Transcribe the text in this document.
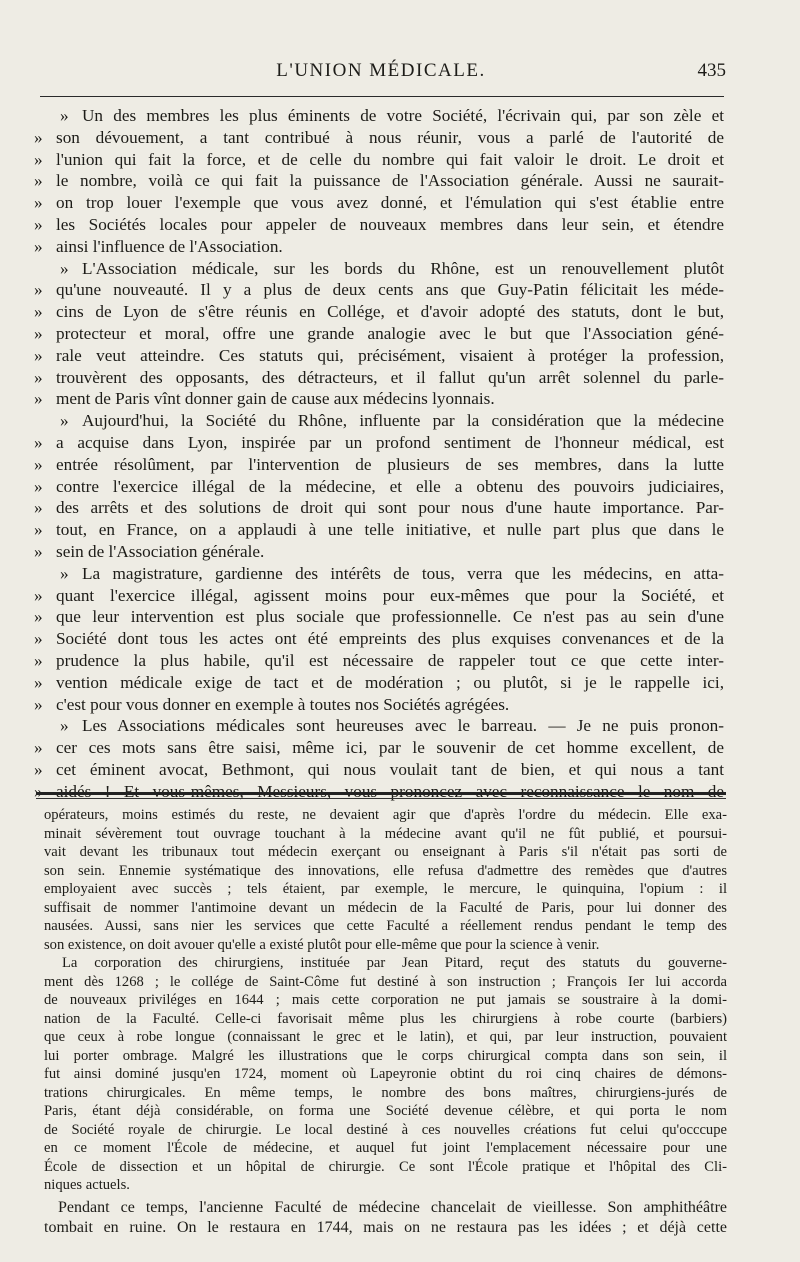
L'UNION MÉDICALE.	435
» Un des membres les plus éminents de votre Société, l'écrivain qui, par son zèle et
» son dévouement, a tant contribué à nous réunir, vous a parlé de l'autorité de
» l'union qui fait la force, et de celle du nombre qui fait valoir le droit. Le droit et
» le nombre, voilà ce qui fait la puissance de l'Association générale. Aussi ne saurait-
» on trop louer l'exemple que vous avez donné, et l'émulation qui s'est établie entre
» les Sociétés locales pour appeler de nouveaux membres dans leur sein, et étendre
» ainsi l'influence de l'Association.
» L'Association médicale, sur les bords du Rhône, est un renouvellement plutôt
» qu'une nouveauté. Il y a plus de deux cents ans que Guy-Patin félicitait les méde-
» cins de Lyon de s'être réunis en Collége, et d'avoir adopté des statuts, dont le but,
» protecteur et moral, offre une grande analogie avec le but que l'Association géné-
» rale veut atteindre. Ces statuts qui, précisément, visaient à protéger la profession,
» trouvèrent des opposants, des détracteurs, et il fallut qu'un arrêt solennel du parle-
» ment de Paris vînt donner gain de cause aux médecins lyonnais.
» Aujourd'hui, la Société du Rhône, influente par la considération que la médecine
» a acquise dans Lyon, inspirée par un profond sentiment de l'honneur médical, est
» entrée résolûment, par l'intervention de plusieurs de ses membres, dans la lutte
» contre l'exercice illégal de la médecine, et elle a obtenu des pouvoirs judiciaires,
» des arrêts et des solutions de droit qui sont pour nous d'une haute importance. Par-
» tout, en France, on a applaudi à une telle initiative, et nulle part plus que dans le
» sein de l'Association générale.
» La magistrature, gardienne des intérêts de tous, verra que les médecins, en atta-
» quant l'exercice illégal, agissent moins pour eux-mêmes que pour la Société, et
» que leur intervention est plus sociale que professionnelle. Ce n'est pas au sein d'une
» Société dont tous les actes ont été empreints des plus exquises convenances et de la
» prudence la plus habile, qu'il est nécessaire de rappeler tout ce que cette inter-
» vention médicale exige de tact et de modération ; ou plutôt, si je le rappelle ici,
» c'est pour vous donner en exemple à toutes nos Sociétés agrégées.
» Les Associations médicales sont heureuses avec le barreau. — Je ne puis pronon-
» cer ces mots sans être saisi, même ici, par le souvenir de cet homme excellent, de
» cet éminent avocat, Bethmont, qui nous voulait tant de bien, et qui nous a tant
» aidés ! Et vous-mêmes, Messieurs, vous prononcez avec reconnaissance le nom de
opérateurs, moins estimés du reste, ne devaient agir que d'après l'ordre du médecin. Elle exa-
minait sévèrement tout ouvrage touchant à la médecine avant qu'il ne fût publié, et poursui-
vait devant les tribunaux tout médecin exerçant ou enseignant à Paris s'il n'était pas sorti de
son sein. Ennemie systématique des innovations, elle refusa d'admettre des remèdes que d'autres
employaient avec succès ; tels étaient, par exemple, le mercure, le quinquina, l'opium : il
suffisait de nommer l'antimoine devant un médecin de la Faculté de Paris, pour lui donner des
nausées. Aussi, sans nier les services que cette Faculté a réellement rendus pendant le temp des
son existence, on doit avouer qu'elle a existé plutôt pour elle-même que pour la science à venir.
La corporation des chirurgiens, instituée par Jean Pitard, reçut des statuts du gouverne-
ment dès 1268 ; le collége de Saint-Côme fut destiné à son instruction ; François Ier lui accorda
de nouveaux priviléges en 1644 ; mais cette corporation ne put jamais se soustraire à la domi-
nation de la Faculté. Celle-ci favorisait même plus les chirurgiens à robe courte (barbiers)
que ceux à robe longue (connaissant le grec et le latin), et qui, par leur instruction, pouvaient
lui porter ombrage. Malgré les illustrations que le corps chirurgical compta dans son sein, il
fut ainsi dominé jusqu'en 1724, moment où Lapeyronie obtint du roi cinq chaires de démons-
trations chirurgicales. En même temps, le nombre des bons maîtres, chirurgiens-jurés de
Paris, étant déjà considérable, on forma une Société devenue célèbre, et qui porta le nom
de Société royale de chirurgie. Le local destiné à ces nouvelles créations fut celui qu'occcupe
en ce moment l'École de médecine, et auquel fut joint l'emplacement nécessaire pour une
École de dissection et un hôpital de chirurgie. Ce sont l'École pratique et l'hôpital des Cli-
niques actuels.
Pendant ce temps, l'ancienne Faculté de médecine chancelait de vieillesse. Son amphithéâtre
tombait en ruine. On le restaura en 1744, mais on ne restaura pas les idées ; et déjà cette
